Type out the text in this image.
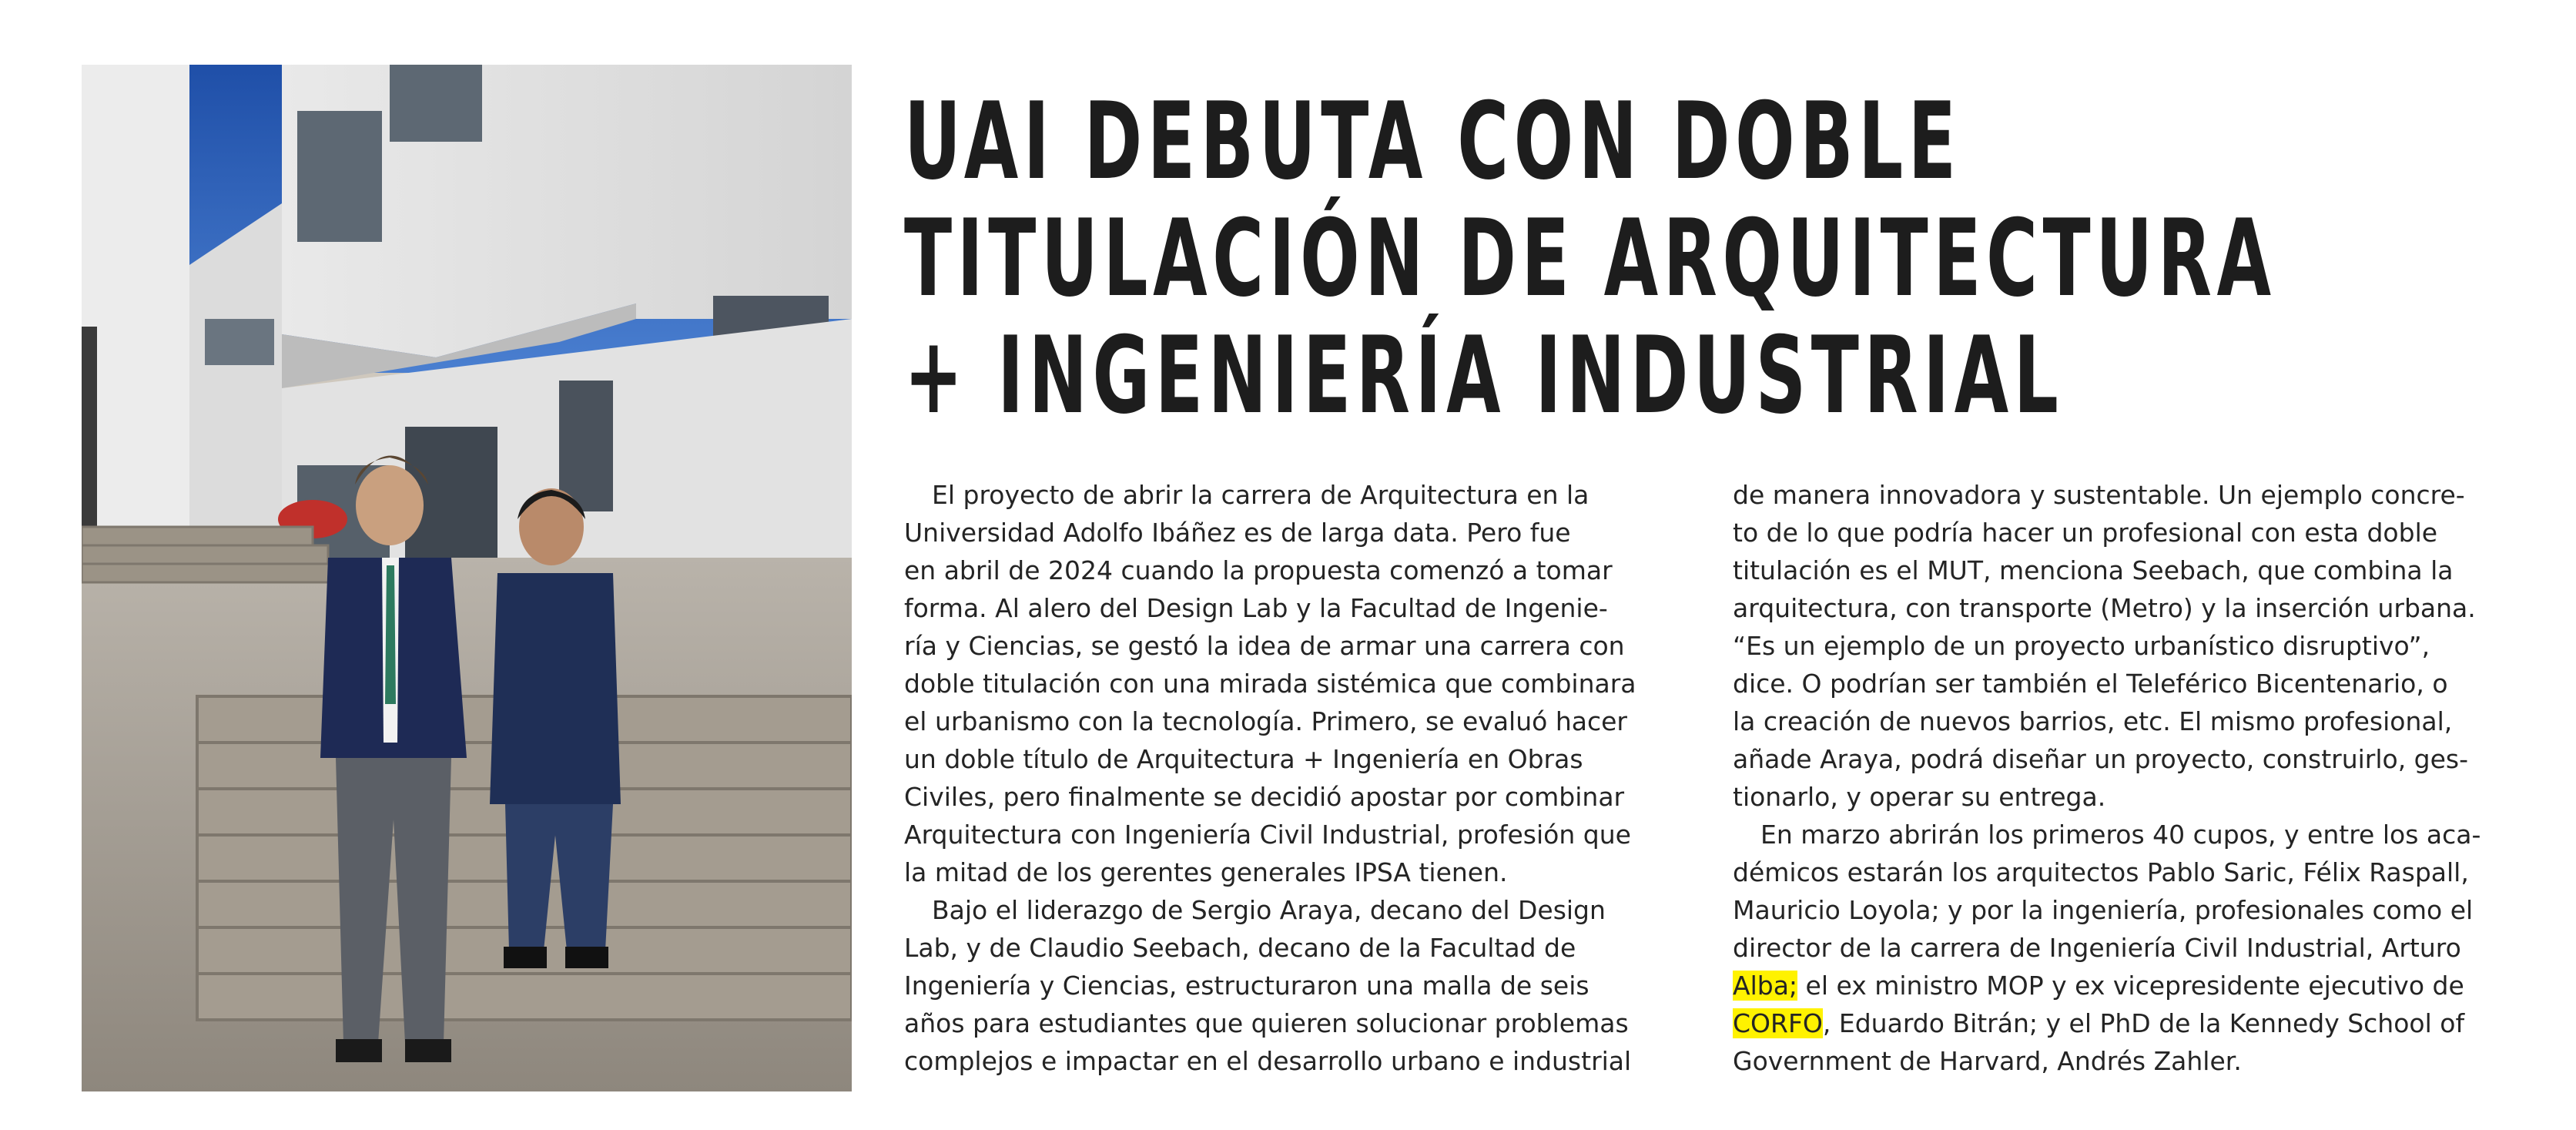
UAI DEBUTA CON DOBLE
TITULACIÓN DE ARQUITECTURA
+ INGENIERÍA INDUSTRIAL

El proyecto de abrir la carrera de Arquitectura en la
Universidad Adolfo Ibáñez es de larga data. Pero fue
en abril de 2024 cuando la propuesta comenzó a tomar
forma. Al alero del Design Lab y la Facultad de Ingenie-
ría y Ciencias, se gestó la idea de armar una carrera con
doble titulación con una mirada sistémica que combinara
el urbanismo con la tecnología. Primero, se evaluó hacer
un doble título de Arquitectura + Ingeniería en Obras
Civiles, pero finalmente se decidió apostar por combinar
Arquitectura con Ingeniería Civil Industrial, profesión que
la mitad de los gerentes generales IPSA tienen.

Bajo el liderazgo de Sergio Araya, decano del Design
Lab, y de Claudio Seebach, decano de la Facultad de
Ingeniería y Ciencias, estructuraron una malla de seis
años para estudiantes que quieren solucionar problemas
complejos e impactar en el desarrollo urbano e industrial

de manera innovadora y sustentable. Un ejemplo concre-
to de lo que podría hacer un profesional con esta doble
titulación es el MUT, menciona Seebach, que combina la
arquitectura, con transporte (Metro) y la inserción urbana.
“Es un ejemplo de un proyecto urbanístico disruptivo”,
dice. O podrían ser también el Teleférico Bicentenario, o
la creación de nuevos barrios, etc. El mismo profesional,
añade Araya, podrá diseñar un proyecto, construirlo, ges-
tionarlo, y operar su entrega.

En marzo abrirán los primeros 40 cupos, y entre los aca-
démicos estarán los arquitectos Pablo Saric, Félix Raspall,
Mauricio Loyola; y por la ingeniería, profesionales como el
director de la carrera de Ingeniería Civil Industrial, Arturo
Alba; el ex ministro MOP y ex vicepresidente ejecutivo de
CORFO, Eduardo Bitrán; y el PhD de la Kennedy School of
Government de Harvard, Andrés Zahler.
